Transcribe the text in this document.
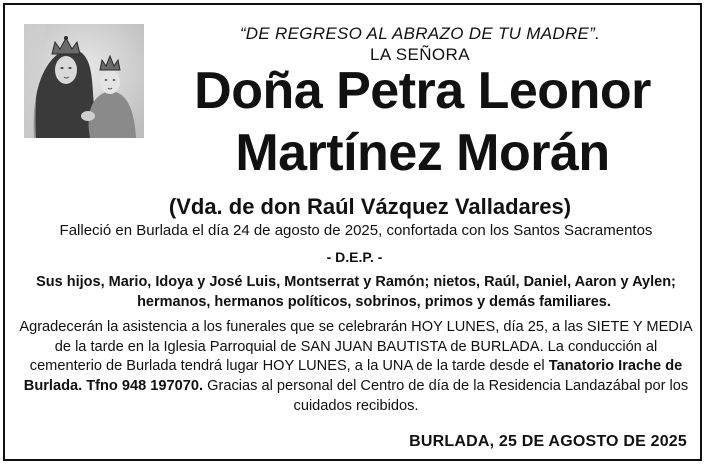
“DE REGRESO AL ABRAZO DE TU MADRE”.
LA SEÑORA
Doña Petra Leonor
Martínez Morán
(Vda. de don Raúl Vázquez Valladares)
Falleció en Burlada el día 24 de agosto de 2025, confortada con los Santos Sacramentos
- D.E.P. -
Sus hijos, Mario, Idoya y José Luis, Montserrat y Ramón; nietos, Raúl, Daniel, Aaron y Aylen;
hermanos, hermanos políticos, sobrinos, primos y demás familiares.
Agradecerán la asistencia a los funerales que se celebrarán HOY LUNES, día 25, a las SIETE Y MEDIA de la tarde en la Iglesia Parroquial de SAN JUAN BAUTISTA de BURLADA. La conducción al cementerio de Burlada tendrá lugar HOY LUNES, a la UNA de la tarde desde el Tanatorio Irache de Burlada. Tfno 948 197070. Gracias al personal del Centro de día de la Residencia Landazábal por los cuidados recibidos.
BURLADA, 25 DE AGOSTO DE 2025
